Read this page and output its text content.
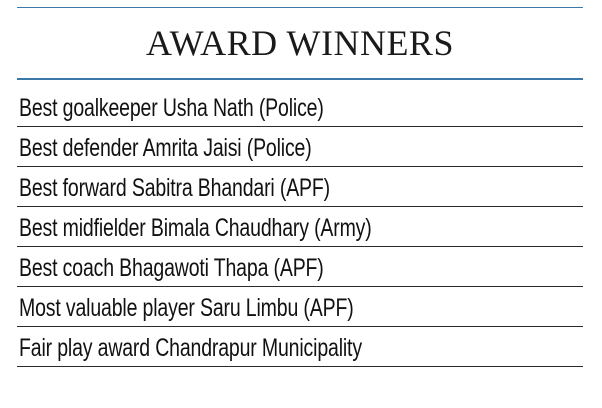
AWARD WINNERS
Best goalkeeper Usha Nath (Police)
Best defender Amrita Jaisi (Police)
Best forward Sabitra Bhandari (APF)
Best midfielder Bimala Chaudhary (Army)
Best coach Bhagawoti Thapa (APF)
Most valuable player Saru Limbu (APF)
Fair play award Chandrapur Municipality
